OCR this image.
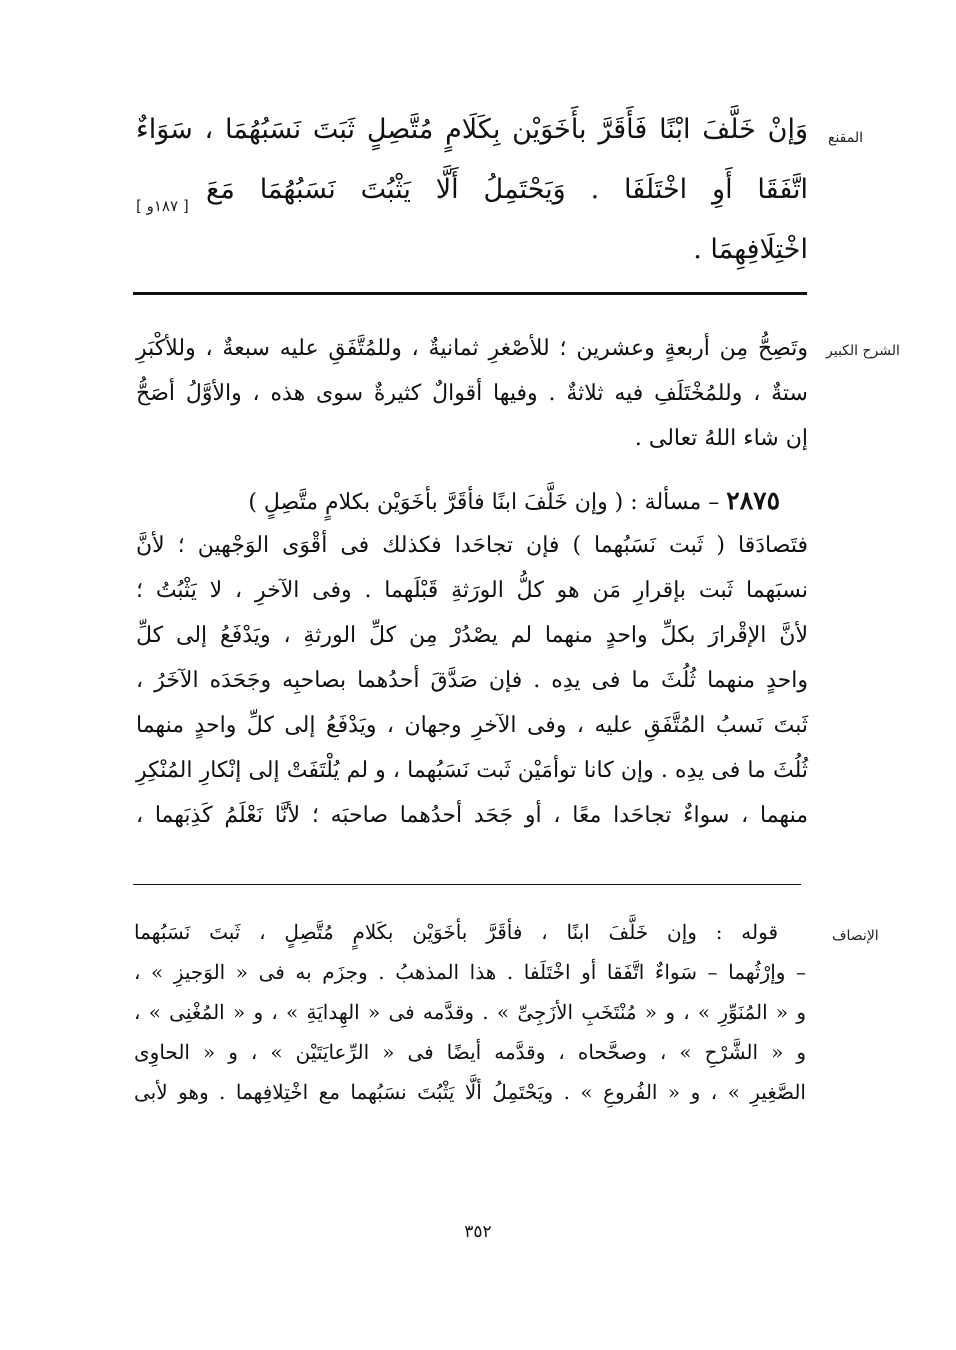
المقنع
[ ١٨٧و ]
وَإنْ خَلَّفَ ابْنًا فَأَقَرَّ بأَخَوَيْن بِكَلَامٍ مُتَّصِلٍ ثَبَتَ نَسَبُهُمَا ، سَوَاءٌ
اتَّفَقَا أَوِ اخْتَلَفَا . وَيَحْتَمِلُ أَلَّا يَثْبُتَ نَسَبُهُمَا مَعَ
اخْتِلَافِهِمَا .
الشرح الكبير
وتَصِحُّ مِن أربعةٍ وعشرين ؛ للأصْغرِ ثمانيةٌ ، وللمُتَّفَقِ عليه سبعةٌ ، وللأكْبَرِ
ستةٌ ، وللمُخْتَلَفِ فيه ثلاثةٌ . وفيها أقوالٌ كثيرةٌ سوى هذه ، والأوَّلُ أصَحُّ
إن شاء اللهُ تعالى .
٢٨٧٥ – مسألة : ( وإن خَلَّفَ ابنًا فأقَرَّ بأخَوَيْن بكلامٍ متَّصِلٍ )
فتَصادَقا ( ثَبت نَسَبُهما ) فإن تجاحَدا فكذلك فى أقْوَى الوَجْهين ؛ لأنَّ
نسبَهما ثَبت بإقرارِ مَن هو كلُّ الورَثةِ قَبْلَهما . وفى الآخرِ ، لا يَثْبُتُ ؛
لأنَّ الإقْرارَ بكلِّ واحدٍ منهما لم يصْدُرْ مِن كلِّ الورثةِ ، ويَدْفَعُ إلى كلِّ
واحدٍ منهما ثُلُثَ ما فى يدِه . فإن صَدَّقَ أحدُهما بصاحبِه وجَحَدَه الآخَرُ ،
ثَبتَ نَسبُ المُتَّفَقِ عليه ، وفى الآخرِ وجهان ، ويَدْفَعُ إلى كلِّ واحدٍ منهما
ثُلُثَ ما فى يدِه . وإن كانا توأمَيْن ثَبت نَسَبُهما ، و لم يُلْتَفَتْ إلى إنْكارِ المُنْكِرِ
منهما ، سواءٌ تجاحَدا معًا ، أو جَحَد أحدُهما صاحبَه ؛ لأنَّا نَعْلَمُ كَذِبَهما ،
الإنصاف
قوله : وإن خَلَّفَ ابنًا ، فأقَرَّ بأخَوَيْن بكَلامٍ مُتَّصِلٍ ، ثَبتَ نَسَبُهما
– وإرْثُهما – سَواءٌ اتَّفَقا أو اخْتَلَفا . هذا المذهبُ . وجزَم به فى « الوَجيزِ » ،
و « المُنَوِّرِ » ، و « مُنْتَخَبِ الأزَجِىِّ » . وقدَّمه فى « الهِدايَةِ » ، و « المُغْنِى » ،
و « الشَّرْحِ » ، وصحَّحاه ، وقدَّمه أيضًا فى « الرِّعايَتَيْن » ، و « الحاوِى
الصَّغِيرِ » ، و « الفُروعِ » . ويَحْتَمِلُ ألَّا يَثْبُتَ نسَبُهما مع اخْتِلافِهما . وهو لأبى
٣٥٢
